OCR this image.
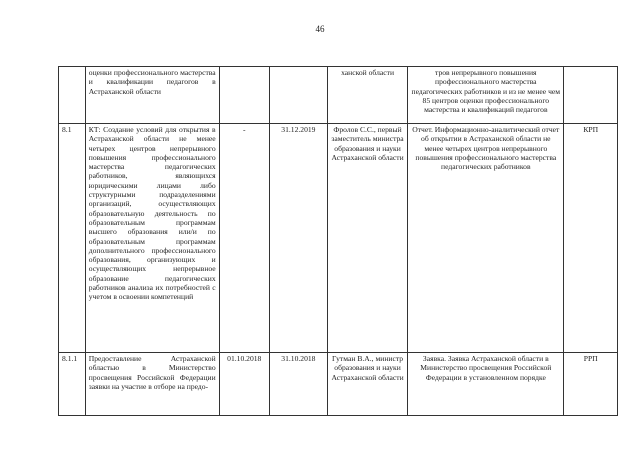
46
	оценки профессионального мастерства и квалификации педагогов в Астраханской области			ханской области	тров непрерывного повышения профессионального мастерства педагогических работников и из не менее чем 85 центров оценки профессионального мастерства и квалификаций педагогов	
8.1	КТ: Создание условий для открытия в Астраханской области не менее четырех центров непрерывного повышения профессионального мастерства педагогических работников, являющихся юридическими лицами либо структурными подразделениями организаций, осуществляющих образовательную деятельность по образовательным программам высшего образования или/и по образовательным программам дополнительного профессионального образования, организующих и осуществляющих непрерывное образование педагогических работников анализа их потребностей с учетом в освоении компетенций	-	31.12.2019	Фролов С.С., первый заместитель министра образования и науки Астраханской области	Отчет. Информационно-аналитический отчет об открытии в Астраханской области не менее четырех центров непрерывного повышения профессионального мастерства педагогических работников	КРП
8.1.1	Предоставление Астраханской областью в Министерство просвещения Российской Федерации заявки на участие в отборе на предо-	01.10.2018	31.10.2018	Гутман В.А., министр образования и науки Астраханской области	Заявка. Заявка Астраханской области в Министерство просвещения Российской Федерации в установленном порядке	РРП
